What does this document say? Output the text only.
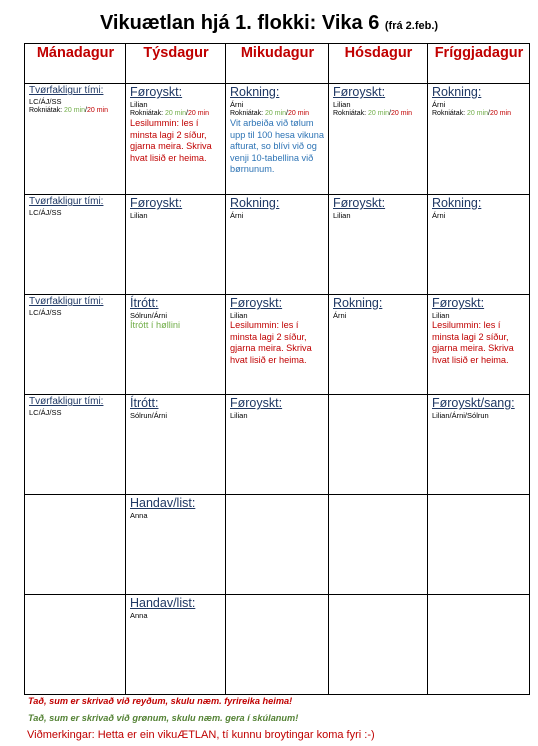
Vikuætlan hjá 1. flokki: Vika 6 (frá 2.feb.)
Mánadagur	Týsdagur	Mikudagur	Hósdagur	Fríggjadagur

Tvørfakligur tími:
LC/ÁJ/SS
Rokniátak: 20 min/20 min	Føroyskt:
Lilian
Rokniátak: 20 min/20 min
Lesilummin: les í minsta lagi 2 síður, gjarna meira. Skriva hvat lisið er heima.	Rokning:
Árni
Rokniátak: 20 min/20 min
Vit arbeiða við tølum upp til 100 hesa vikuna afturat, so blívi við og venji 10-tabellina við børnunum.	Føroyskt:
Lilian
Rokniátak: 20 min/20 min	Rokning:
Árni
Rokniátak: 20 min/20 min

Tvørfakligur tími:
LC/ÁJ/SS	Føroyskt:
Lilian	Rokning:
Árni	Føroyskt:
Lilian	Rokning:
Árni

Tvørfakligur tími:
LC/ÁJ/SS	Ítrótt:
Sólrun/Árni
Ítrótt í høllini	Føroyskt:
Lilian
Lesilummin: les í minsta lagi 2 síður, gjarna meira. Skriva hvat lisið er heima.	Rokning:
Árni	Føroyskt:
Lilian
Lesilummin: les í minsta lagi 2 síður, gjarna meira. Skriva hvat lisið er heima.

Tvørfakligur tími:
LC/ÁJ/SS	Ítrótt:
Sólrun/Árni	Føroyskt:
Lilian		Føroyskt/sang:
Lilian/Árni/Sólrun

	Handav/list:
Anna			

	Handav/list:
Anna			

Tað, sum er skrivað við reyðum, skulu næm. fyrireika heima!
Tað, sum er skrivað við grønum, skulu næm. gera í skúlanum!
Viðmerkingar: Hetta er ein vikuÆTLAN, tí kunnu broytingar koma fyri :-)
